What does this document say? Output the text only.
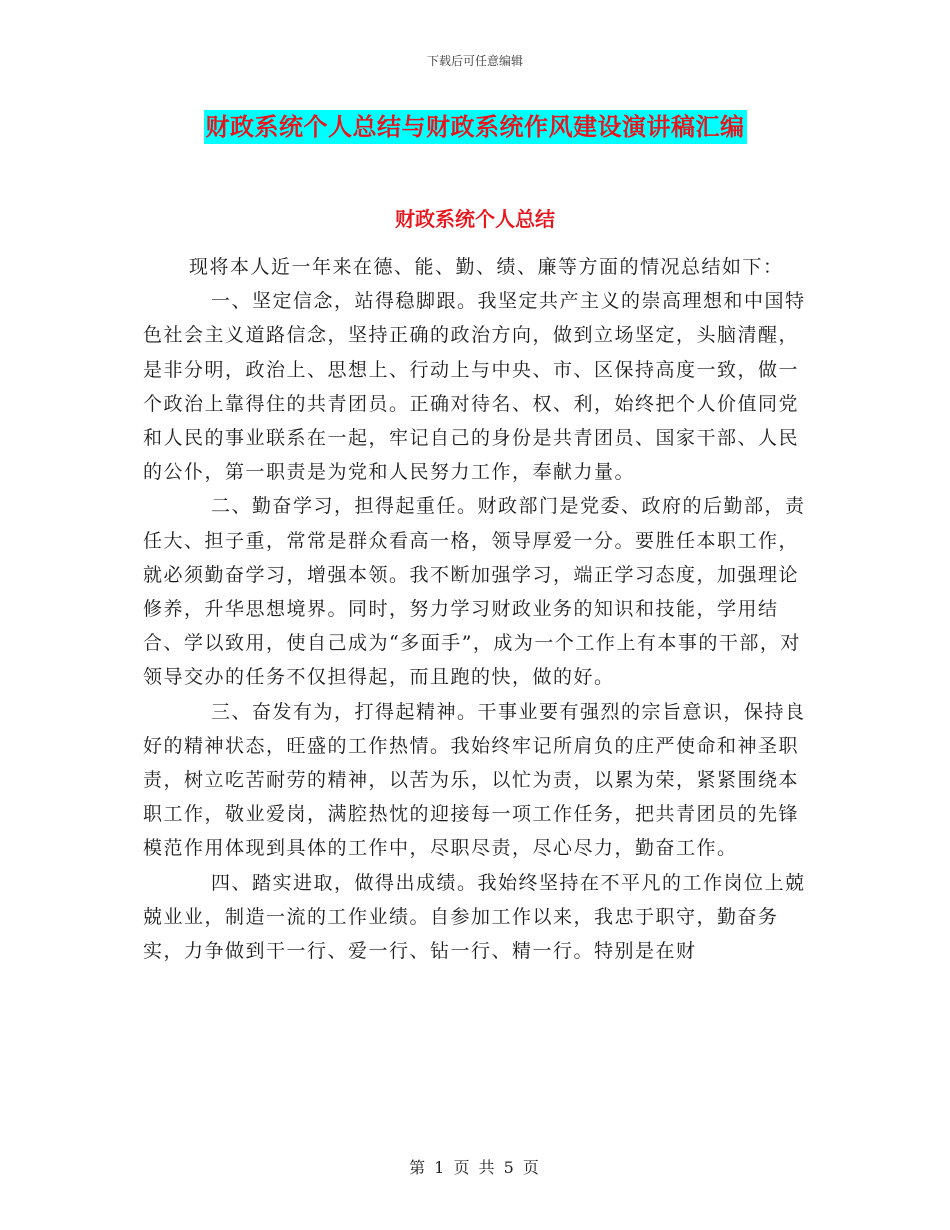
下载后可任意编辑
财政系统个人总结与财政系统作风建设演讲稿汇编
财政系统个人总结

现将本人近一年来在德、能、勤、绩、廉等方面的情况总结如下：

一、坚定信念，站得稳脚跟。我坚定共产主义的崇高理想和中国特色社会主义道路信念，坚持正确的政治方向，做到立场坚定，头脑清醒，是非分明，政治上、思想上、行动上与中央、市、区保持高度一致，做一个政治上靠得住的共青团员。正确对待名、权、利，始终把个人价值同党和人民的事业联系在一起，牢记自己的身份是共青团员、国家干部、人民的公仆，第一职责是为党和人民努力工作，奉献力量。

二、勤奋学习，担得起重任。财政部门是党委、政府的后勤部，责任大、担子重，常常是群众看高一格，领导厚爱一分。要胜任本职工作，就必须勤奋学习，增强本领。我不断加强学习，端正学习态度，加强理论修养，升华思想境界。同时，努力学习财政业务的知识和技能，学用结合、学以致用，使自己成为“多面手”，成为一个工作上有本事的干部，对领导交办的任务不仅担得起，而且跑的快，做的好。

三、奋发有为，打得起精神。干事业要有强烈的宗旨意识，保持良好的精神状态，旺盛的工作热情。我始终牢记所肩负的庄严使命和神圣职责，树立吃苦耐劳的精神，以苦为乐，以忙为责，以累为荣，紧紧围绕本职工作，敬业爱岗，满腔热忱的迎接每一项工作任务，把共青团员的先锋模范作用体现到具体的工作中，尽职尽责，尽心尽力，勤奋工作。

四、踏实进取，做得出成绩。我始终坚持在不平凡的工作岗位上兢兢业业，制造一流的工作业绩。自参加工作以来，我忠于职守，勤奋务实，力争做到干一行、爱一行、钻一行、精一行。特别是在财

第 1 页 共 5 页
